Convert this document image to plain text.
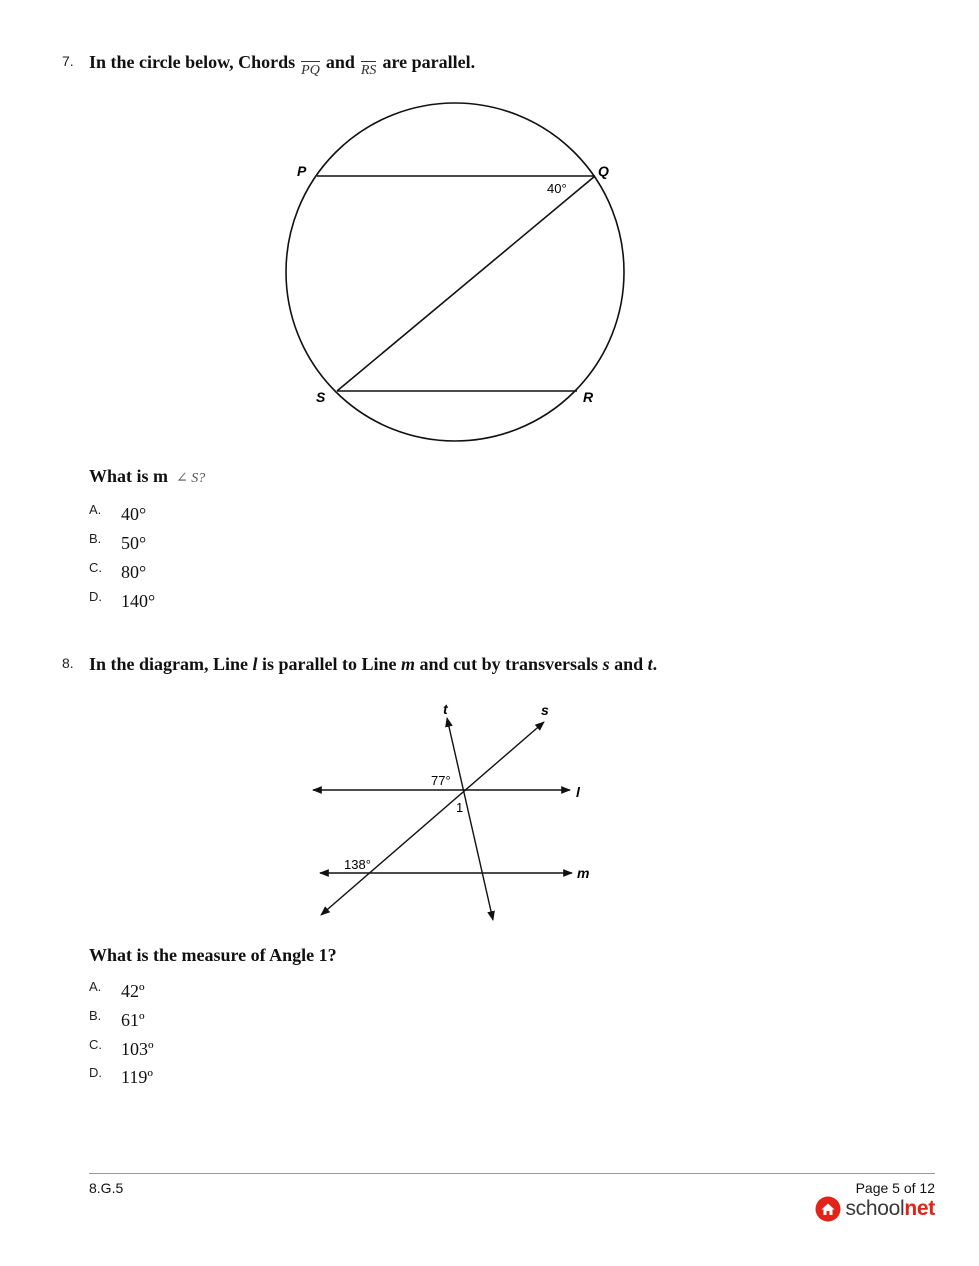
7. In the circle below, Chords PQ and RS are parallel.
P	Q
S	R
40°
What is m ∠ S?
A. 40°
B. 50°
C. 80°
D. 140°
8. In the diagram, Line l is parallel to Line m and cut by transversals s and t.
t	s
l
m
77°
1
138°
What is the measure of Angle 1?
A. 42º
B. 61º
C. 103º
D. 119º
8.G.5	Page 5 of 12
schoolnet
